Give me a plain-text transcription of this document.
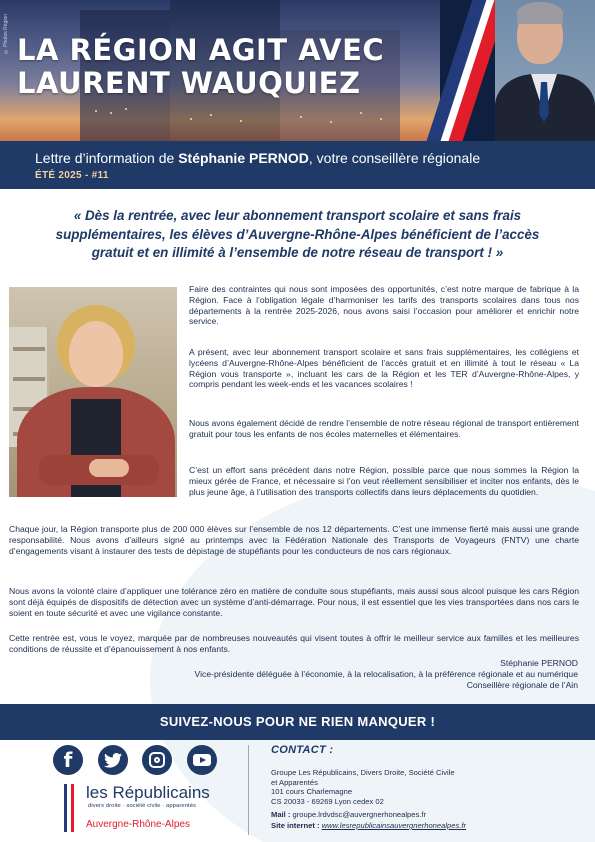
© Photos Région LA RÉGION AGIT AVEC
LAURENT WAUQUIEZ
Lettre d’information de Stéphanie PERNOD, votre conseillère régionale
ÉTÉ 2025 - #11
« Dès la rentrée, avec leur abonnement transport scolaire et sans frais supplémentaires, les élèves d’Auvergne-Rhône-Alpes bénéficient de l’accès gratuit et en illimité à l’ensemble de notre réseau de transport ! »

Faire des contraintes qui nous sont imposées des opportunités, c’est notre marque de fabrique à la Région. Face à l’obligation légale d’harmoniser les tarifs des transports scolaires dans tous nos départements à la rentrée 2025-2026, nous avons saisi l’occasion pour améliorer et enrichir notre service.

A présent, avec leur abonnement transport scolaire et sans frais supplémentaires, les collégiens et lycéens d’Auvergne-Rhône-Alpes bénéficient de l’accès gratuit et en illimité à tout le réseau « La Région vous transporte », incluant les cars de la Région et les TER d’Auvergne-Rhône-Alpes, y compris pendant les week-ends et les vacances scolaires !

Nous avons également décidé de rendre l’ensemble de notre réseau régional de transport entièrement gratuit pour tous les enfants de nos écoles maternelles et élémentaires.

C’est un effort sans précédent dans notre Région, possible parce que nous sommes la Région la mieux gérée de France, et nécessaire si l’on veut réellement sensibiliser et inciter nos enfants, dès le plus jeune âge, à l’utilisation des transports collectifs dans leurs déplacements du quotidien.

Chaque jour, la Région transporte plus de 200 000 élèves sur l’ensemble de nos 12 départements. C’est une immense fierté mais aussi une grande responsabilité. Nous avons d’ailleurs signé au printemps avec la Fédération Nationale des Transports de Voyageurs (FNTV) une charte d’engagements visant à instaurer des tests de dépistage de stupéfiants pour les conducteurs de nos cars régionaux.

Nous avons la volonté claire d’appliquer une tolérance zéro en matière de conduite sous stupéfiants, mais aussi sous alcool puisque les cars Région sont déjà équipés de dispositifs de détection avec un système d’anti-démarrage. Pour nous, il est essentiel que les vies transportées dans nos cars le soient en toute sécurité et avec une vigilance constante.

Cette rentrée est, vous le voyez, marquée par de nombreuses nouveautés qui visent toutes à offrir le meilleur service aux familles et les meilleures conditions de réussite et d’épanouissement à nos enfants.

Stéphanie PERNOD
Vice-présidente déléguée à l’économie, à la relocalisation, à la préférence régionale et au numérique
Conseillère régionale de l’Ain
SUIVEZ-NOUS POUR NE RIEN MANQUER !
f
les Républicains
divers droite · société civile · apparentés
Auvergne-Rhône-Alpes
CONTACT :
Groupe Les Républicains, Divers Droite, Société Civile
et Apparentés
101 cours Charlemagne
CS 20033 - 69269 Lyon cedex 02
Mail : groupe.lrdvdsc@auvergnerhonealpes.fr
Site internet : www.lesrepublicainsauvergnerhonealpes.fr
